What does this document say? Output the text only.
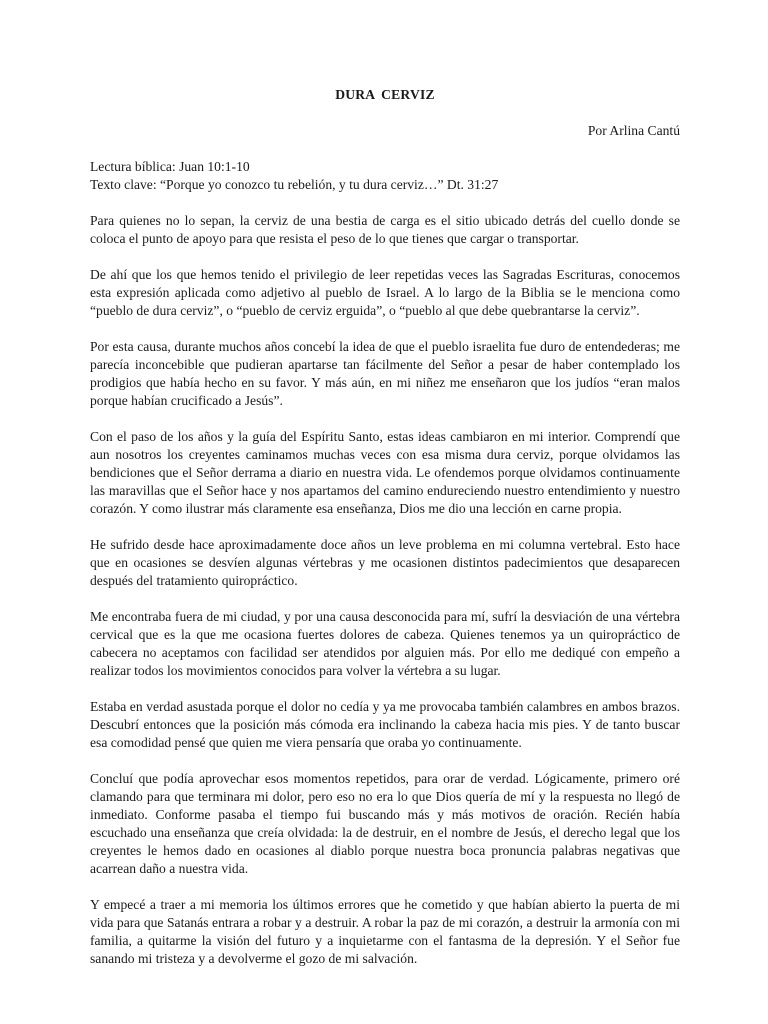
DURA CERVIZ
Por Arlina Cantú
Lectura bíblica: Juan 10:1-10
Texto clave: “Porque yo conozco tu rebelión, y tu dura cerviz…” Dt. 31:27

Para quienes no lo sepan, la cerviz de una bestia de carga es el sitio ubicado detrás del cuello donde se coloca el punto de apoyo para que resista el peso de lo que tienes que cargar o transportar.

De ahí que los que hemos tenido el privilegio de leer repetidas veces las Sagradas Escrituras, conocemos esta expresión aplicada como adjetivo al pueblo de Israel. A lo largo de la Biblia se le menciona como “pueblo de dura cerviz”, o “pueblo de cerviz erguida”, o “pueblo al que debe quebrantarse la cerviz”.

Por esta causa, durante muchos años concebí la idea de que el pueblo israelita fue duro de entendederas; me parecía inconcebible que pudieran apartarse tan fácilmente del Señor a pesar de haber contemplado los prodigios que había hecho en su favor. Y más aún, en mi niñez me enseñaron que los judíos “eran malos porque habían crucificado a Jesús”.

Con el paso de los años y la guía del Espíritu Santo, estas ideas cambiaron en mi interior. Comprendí que aun nosotros los creyentes caminamos muchas veces con esa misma dura cerviz, porque olvidamos las bendiciones que el Señor derrama a diario en nuestra vida. Le ofendemos porque olvidamos continuamente las maravillas que el Señor hace y nos apartamos del camino endureciendo nuestro entendimiento y nuestro corazón. Y como ilustrar más claramente esa enseñanza, Dios me dio una lección en carne propia.

He sufrido desde hace aproximadamente doce años un leve problema en mi columna vertebral. Esto hace que en ocasiones se desvíen algunas vértebras y me ocasionen distintos padecimientos que desaparecen después del tratamiento quiropráctico.

Me encontraba fuera de mi ciudad, y por una causa desconocida para mí, sufrí la desviación de una vértebra cervical que es la que me ocasiona fuertes dolores de cabeza. Quienes tenemos ya un quiropráctico de cabecera no aceptamos con facilidad ser atendidos por alguien más. Por ello me dediqué con empeño a realizar todos los movimientos conocidos para volver la vértebra a su lugar.

Estaba en verdad asustada porque el dolor no cedía y ya me provocaba también calambres en ambos brazos. Descubrí entonces que la posición más cómoda era inclinando la cabeza hacia mis pies. Y de tanto buscar esa comodidad pensé que quien me viera pensaría que oraba yo continuamente.

Concluí que podía aprovechar esos momentos repetidos, para orar de verdad. Lógicamente, primero oré clamando para que terminara mi dolor, pero eso no era lo que Dios quería de mí y la respuesta no llegó de inmediato. Conforme pasaba el tiempo fui buscando más y más motivos de oración. Recién había escuchado una enseñanza que creía olvidada: la de destruir, en el nombre de Jesús, el derecho legal que los creyentes le hemos dado en ocasiones al diablo porque nuestra boca pronuncia palabras negativas que acarrean daño a nuestra vida.

Y empecé a traer a mi memoria los últimos errores que he cometido y que habían abierto la puerta de mi vida para que Satanás entrara a robar y a destruir. A robar la paz de mi corazón, a destruir la armonía con mi familia, a quitarme la visión del futuro y a inquietarme con el fantasma de la depresión. Y el Señor fue sanando mi tristeza y a devolverme el gozo de mi salvación.
